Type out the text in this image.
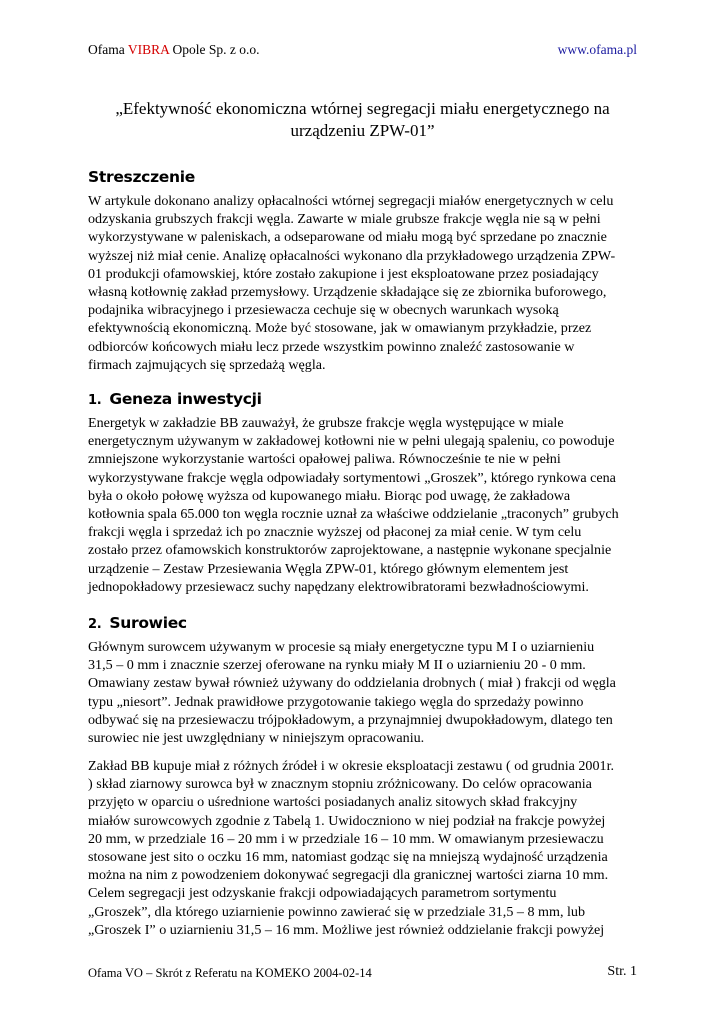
Ofama VIBRA Opole Sp. z o.o.	www.ofama.pl
„Efektywność ekonomiczna wtórnej segregacji miału energetycznego na
urządzeniu ZPW-01”
Streszczenie
W artykule dokonano analizy opłacalności wtórnej segregacji miałów energetycznych w celu
odzyskania grubszych frakcji węgla. Zawarte w miale grubsze frakcje węgla nie są w pełni
wykorzystywane w paleniskach, a odseparowane od miału mogą być sprzedane po znacznie
wyższej niż miał cenie. Analizę opłacalności wykonano dla przykładowego urządzenia ZPW-
01 produkcji ofamowskiej, które zostało zakupione i jest eksploatowane przez posiadający
własną kotłownię zakład przemysłowy. Urządzenie składające się ze zbiornika buforowego,
podajnika wibracyjnego i przesiewacza cechuje się w obecnych warunkach wysoką
efektywnością ekonomiczną. Może być stosowane, jak w omawianym przykładzie, przez
odbiorców końcowych miału lecz przede wszystkim powinno znaleźć zastosowanie w
firmach zajmujących się sprzedażą węgla.
1. Geneza inwestycji
Energetyk w zakładzie BB zauważył, że grubsze frakcje węgla występujące w miale
energetycznym używanym w zakładowej kotłowni nie w pełni ulegają spaleniu, co powoduje
zmniejszone wykorzystanie wartości opałowej paliwa. Równocześnie te nie w pełni
wykorzystywane frakcje węgla odpowiadały sortymentowi „Groszek”, którego rynkowa cena
była o około połowę wyższa od kupowanego miału. Biorąc pod uwagę, że zakładowa
kotłownia spala 65.000 ton węgla rocznie uznał za właściwe oddzielanie „traconych” grubych
frakcji węgla i sprzedaż ich po znacznie wyższej od płaconej za miał cenie. W tym celu
zostało przez ofamowskich konstruktorów zaprojektowane, a następnie wykonane specjalnie
urządzenie – Zestaw Przesiewania Węgla ZPW-01, którego głównym elementem jest
jednopokładowy przesiewacz suchy napędzany elektrowibratorami bezwładnościowymi.
2. Surowiec
Głównym surowcem używanym w procesie są miały energetyczne typu M I o uziarnieniu
31,5 – 0 mm i znacznie szerzej oferowane na rynku miały M II o uziarnieniu 20 - 0 mm.
Omawiany zestaw bywał również używany do oddzielania drobnych ( miał ) frakcji od węgla
typu „niesort”. Jednak prawidłowe przygotowanie takiego węgla do sprzedaży powinno
odbywać się na przesiewaczu trójpokładowym, a przynajmniej dwupokładowym, dlatego ten
surowiec nie jest uwzględniany w niniejszym opracowaniu.
Zakład BB kupuje miał z różnych źródeł i w okresie eksploatacji zestawu ( od grudnia 2001r.
) skład ziarnowy surowca był w znacznym stopniu zróżnicowany. Do celów opracowania
przyjęto w oparciu o uśrednione wartości posiadanych analiz sitowych skład frakcyjny
miałów surowcowych zgodnie z Tabelą 1. Uwidoczniono w niej podział na frakcje powyżej
20 mm, w przedziale 16 – 20 mm i w przedziale 16 – 10 mm. W omawianym przesiewaczu
stosowane jest sito o oczku 16 mm, natomiast godząc się na mniejszą wydajność urządzenia
można na nim z powodzeniem dokonywać segregacji dla granicznej wartości ziarna 10 mm.
Celem segregacji jest odzyskanie frakcji odpowiadających parametrom sortymentu
„Groszek”, dla którego uziarnienie powinno zawierać się w przedziale 31,5 – 8 mm, lub
„Groszek I” o uziarnieniu 31,5 – 16 mm. Możliwe jest również oddzielanie frakcji powyżej
Ofama VO – Skrót z Referatu na KOMEKO 2004-02-14	Str. 1
